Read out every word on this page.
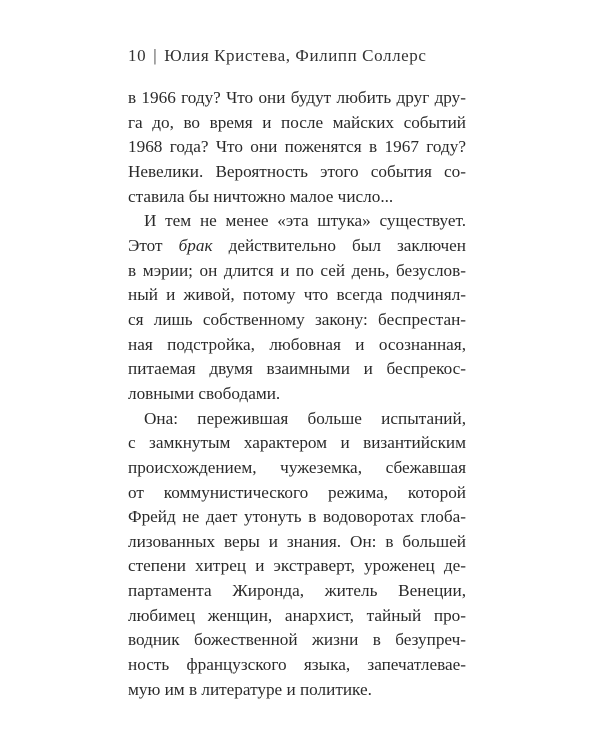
10 | Юлия Кристева, Филипп Соллерс
в 1966 году? Что они будут любить друг дру-
га до, во время и после майских событий
1968 года? Что они поженятся в 1967 году?
Невелики. Вероятность этого события со-
ставила бы ничтожно малое число...
И тем не менее «эта штука» существует.
Этот брак действительно был заключен
в мэрии; он длится и по сей день, безуслов-
ный и живой, потому что всегда подчинял-
ся лишь собственному закону: беспрестан-
ная подстройка, любовная и осознанная,
питаемая двумя взаимными и беспрекос-
ловными свободами.
Она: пережившая больше испытаний,
с замкнутым характером и византийским
происхождением, чужеземка, сбежавшая
от коммунистического режима, которой
Фрейд не дает утонуть в водоворотах глоба-
лизованных веры и знания. Он: в большей
степени хитрец и экстраверт, уроженец де-
партамента Жиронда, житель Венеции,
любимец женщин, анархист, тайный про-
водник божественной жизни в безупреч-
ность французского языка, запечатлевае-
мую им в литературе и политике.
